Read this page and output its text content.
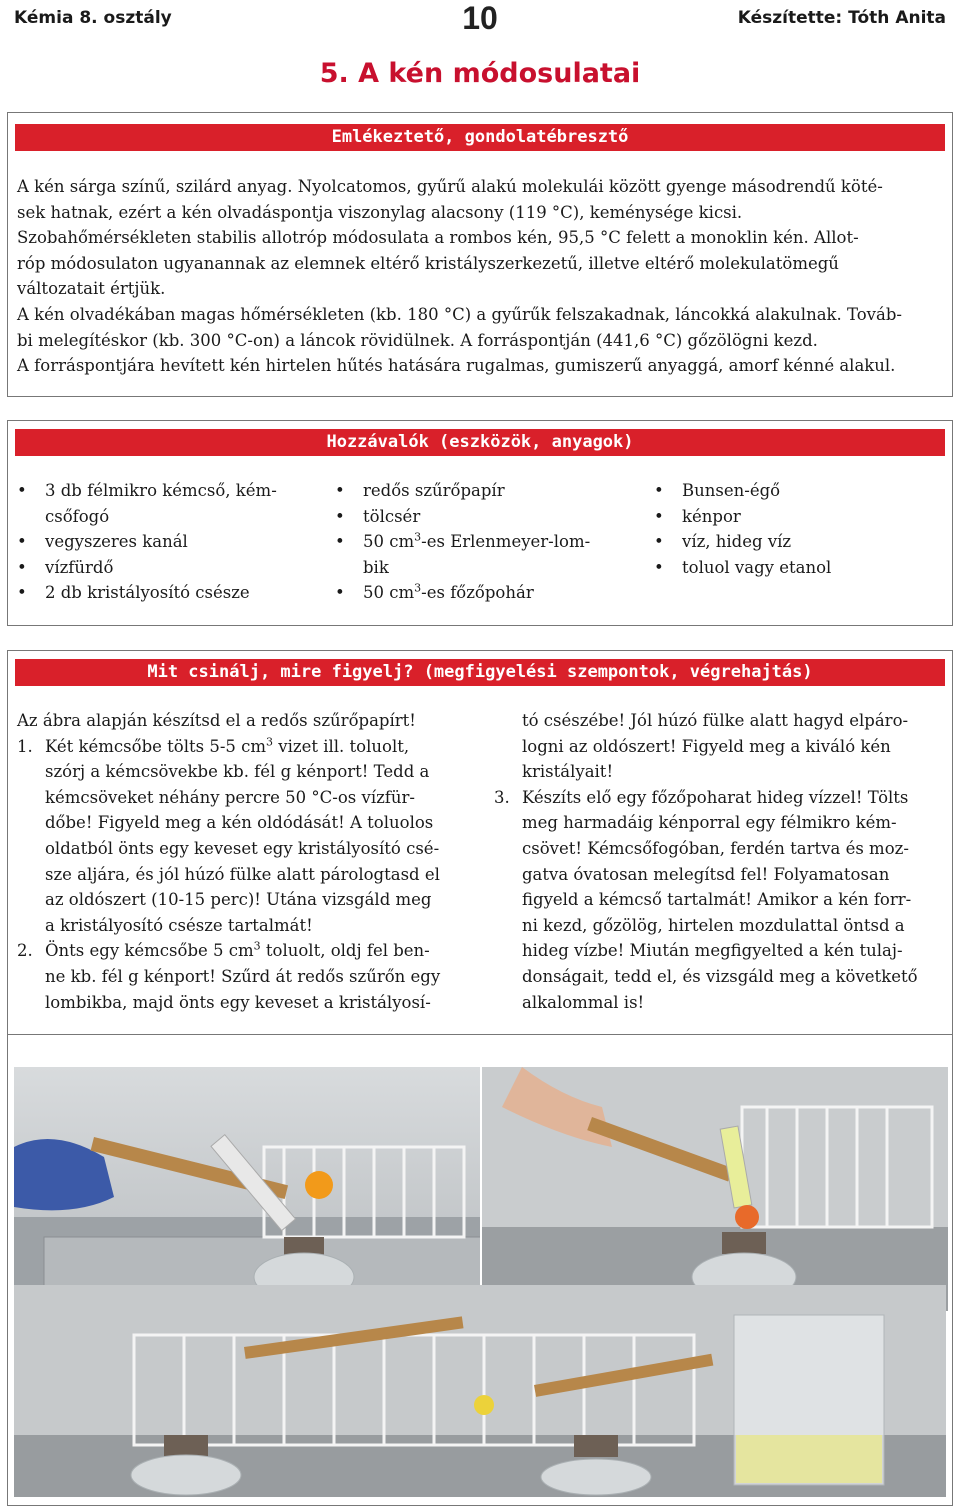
Kémia 8. osztály	10	Készítette: Tóth Anita
5. A kén módosulatai
Emlékeztető, gondolatébresztő

A kén sárga színű, szilárd anyag. Nyolcatomos, gyűrű alakú molekulái között gyenge másodrendű köté-

sek hatnak, ezért a kén olvadáspontja viszonylag alacsony (119 °C), keménysége kicsi.

Szobahőmérsékleten stabilis allotróp módosulata a rombos kén, 95,5 °C felett a monoklin kén. Allot-

róp módosulaton ugyanannak az elemnek eltérő kristályszerkezetű, illetve eltérő molekulatömegű

változatait értjük.

A kén olvadékában magas hőmérsékleten (kb. 180 °C) a gyűrűk felszakadnak, láncokká alakulnak. Továb-

bi melegítéskor (kb. 300 °C-on) a láncok rövidülnek. A forráspontján (441,6 °C) gőzölögni kezd.

A forráspontjára hevített kén hirtelen hűtés hatására rugalmas, gumiszerű anyaggá, amorf kénné alakul.

Hozzávalók (eszközök, anyagok)
• 3 db félmikro kémcső, kém-
csőfogó
• vegyszeres kanál
• vízfürdő
• 2 db kristályosító csésze
• redős szűrőpapír
• tölcsér
• 50 $cm^3-es$ Erlenmeyer-lom-
bik
• 50 $cm^3-es$ főzőpohár
• Bunsen-égő
• kénpor
• víz, hideg víz
• toluol vagy etanol
Mit csinálj, mire figyelj? (megfigyelési szempontok, végrehajtás)

Az ábra alapján készítsd el a redős szűrőpapírt!

1. Két kémcsőbe tölts 5-5 $cm^3$ vizet ill. toluolt,

szórj a kémcsövekbe kb. fél g kénport! Tedd a

kémcsöveket néhány percre 50 °C-os vízfür-

dőbe! Figyeld meg a kén oldódását! A toluolos

oldatból önts egy keveset egy kristályosító csé-

sze aljára, és jól húzó fülke alatt párologtasd el

az oldószert (10-15 perc)! Utána vizsgáld meg

a kristályosító csésze tartalmát!

2. Önts egy kémcsőbe 5 $cm^3$ toluolt, oldj fel ben-

ne kb. fél g kénport! Szűrd át redős szűrőn egy

lombikba, majd önts egy keveset a kristályosí-

tó csészébe! Jól húzó fülke alatt hagyd elpáro-

logni az oldószert! Figyeld meg a kiváló kén

kristályait!

3. Készíts elő egy főzőpoharat hideg vízzel! Tölts

meg harmadáig kénporral egy félmikro kém-

csövet! Kémcsőfogóban, ferdén tartva és moz-

gatva óvatosan melegítsd fel! Folyamatosan

figyeld a kémcső tartalmát! Amikor a kén forr-

ni kezd, gőzölög, hirtelen mozdulattal öntsd a

hideg vízbe! Miután megfigyelted a kén tulaj-

donságait, tedd el, és vizsgáld meg a követkető

alkalommal is!
